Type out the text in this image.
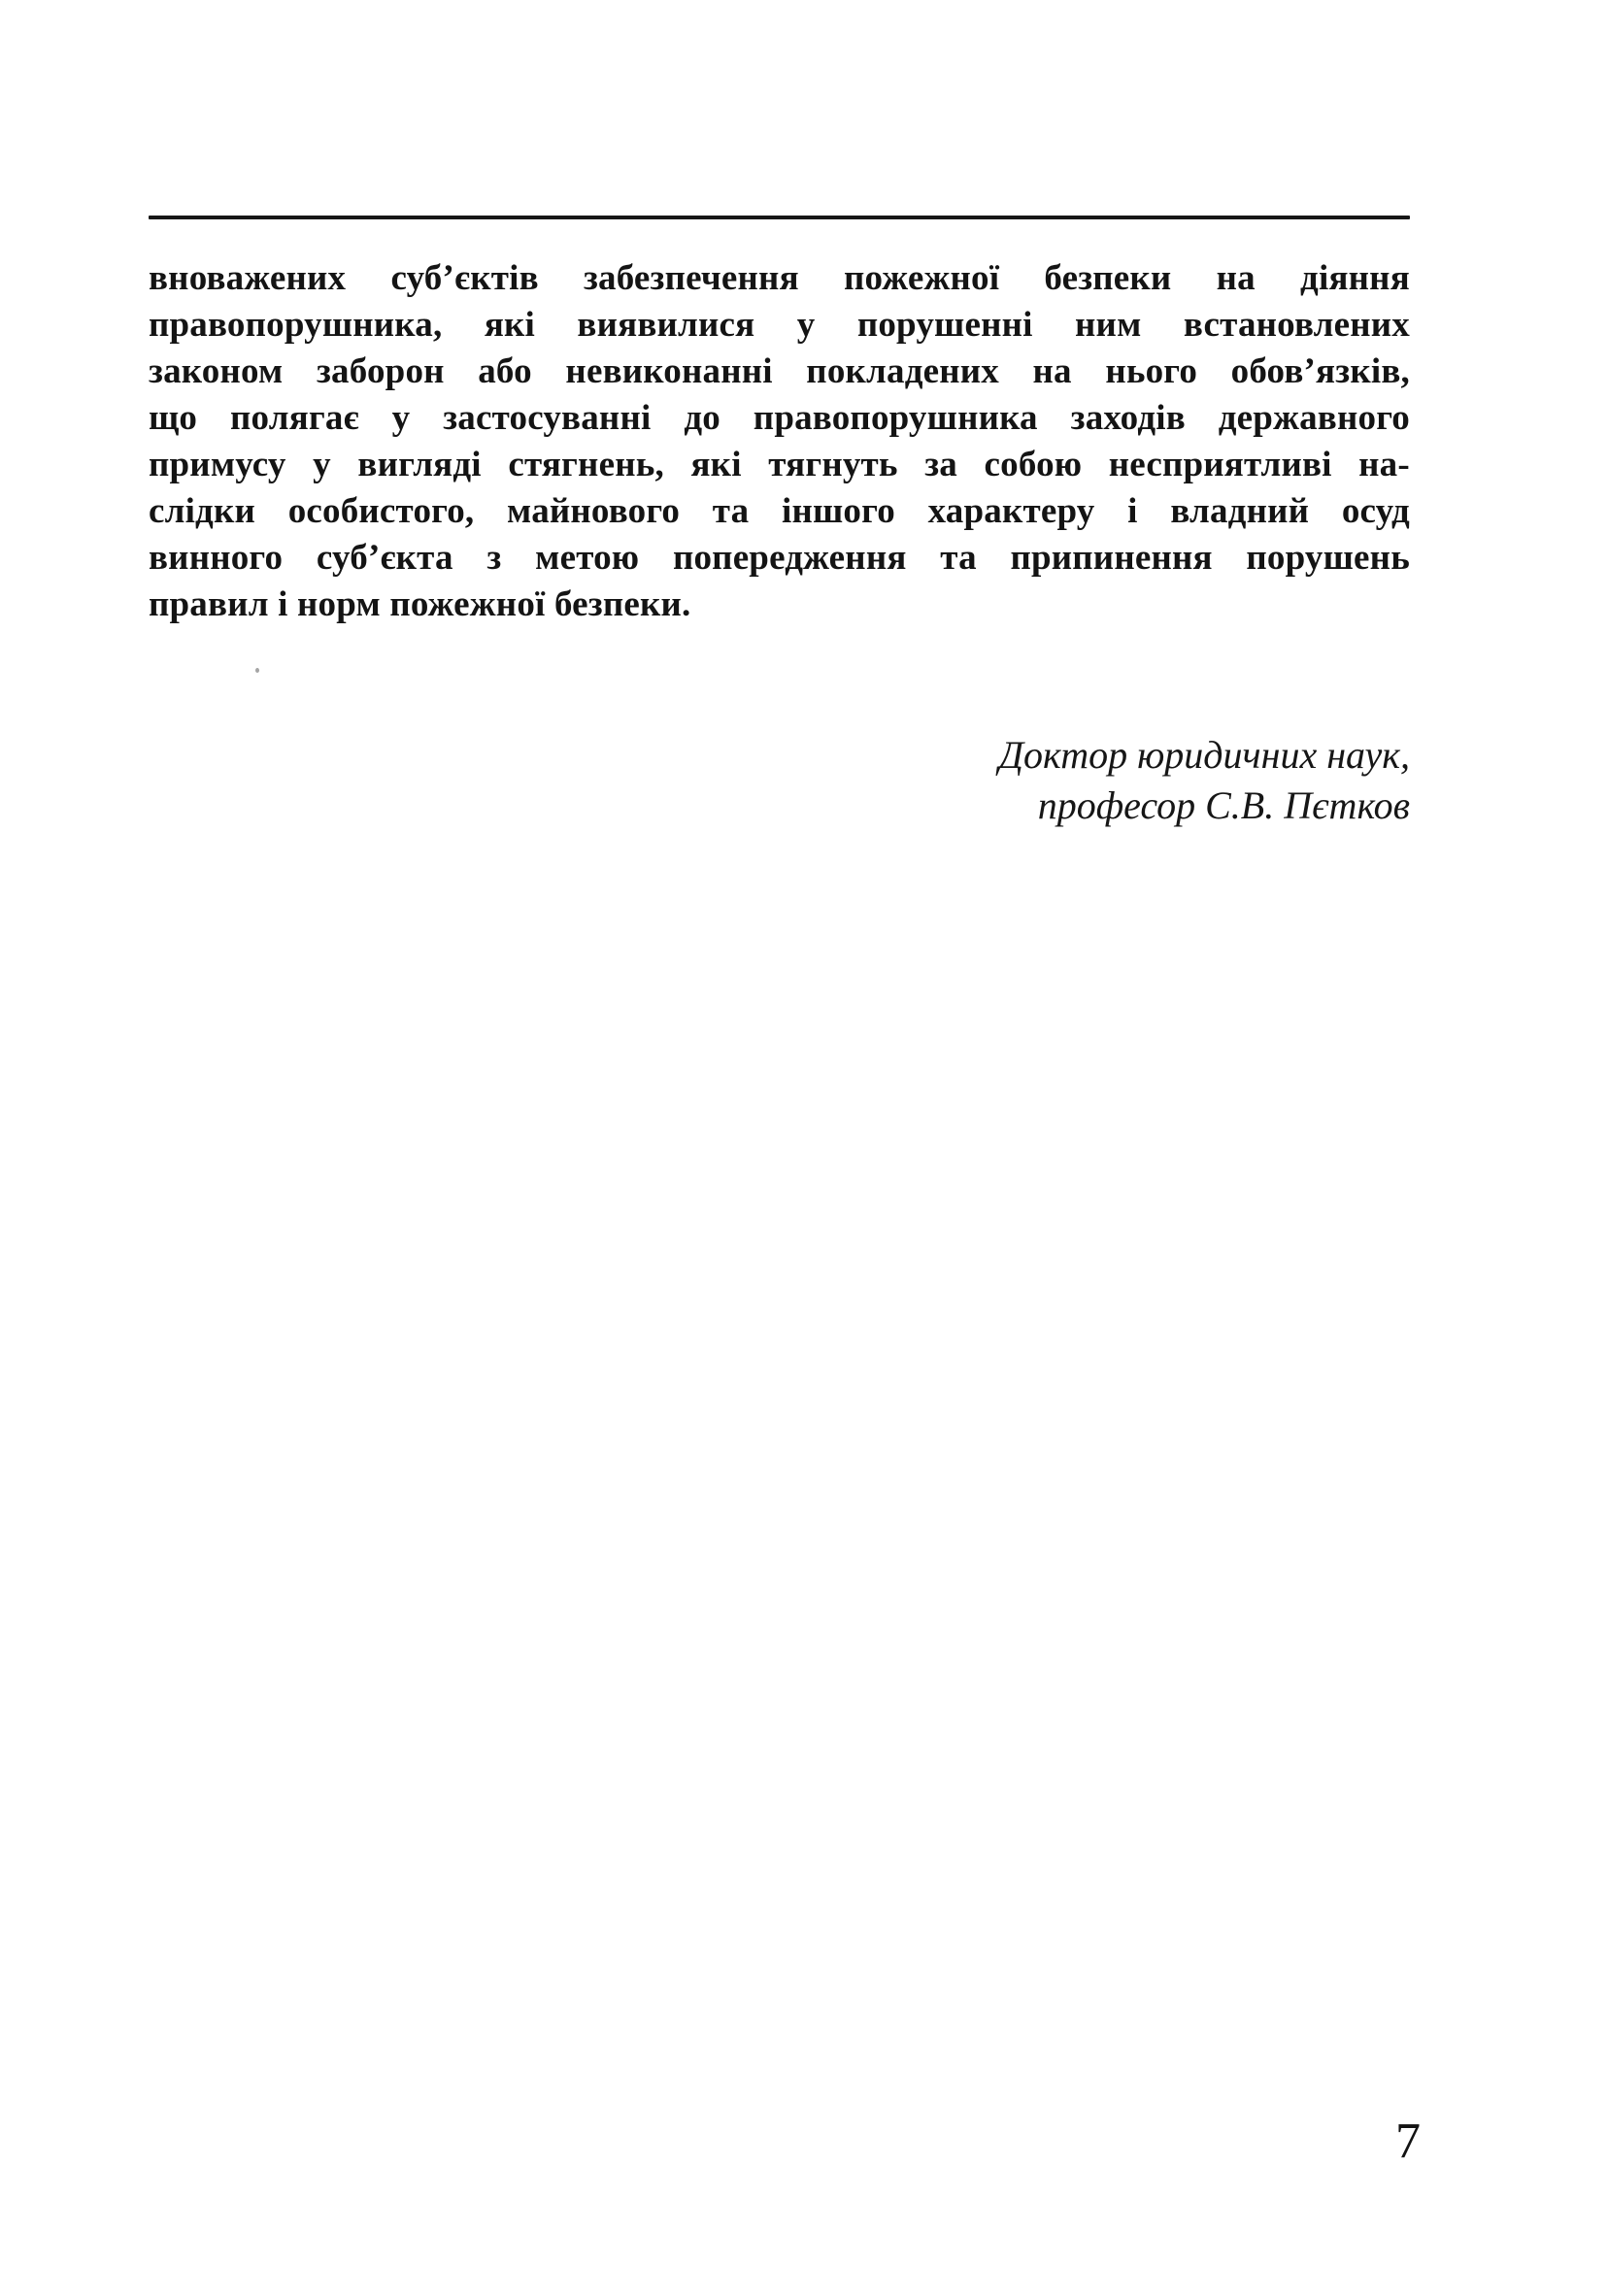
вноважених суб’єктів забезпечення пожежної безпеки на діяння
правопорушника, які виявилися у порушенні ним встановлених
законом заборон або невиконанні покладених на нього обов’язків,
що полягає у застосуванні до правопорушника заходів державного
примусу у вигляді стягнень, які тягнуть за собою несприятливі на-
слідки особистого, майнового та іншого характеру і владний осуд
винного суб’єкта з метою попередження та припинення порушень
правил і норм пожежної безпеки.
Доктор юридичних наук,
професор С.В. Пєтков
7
